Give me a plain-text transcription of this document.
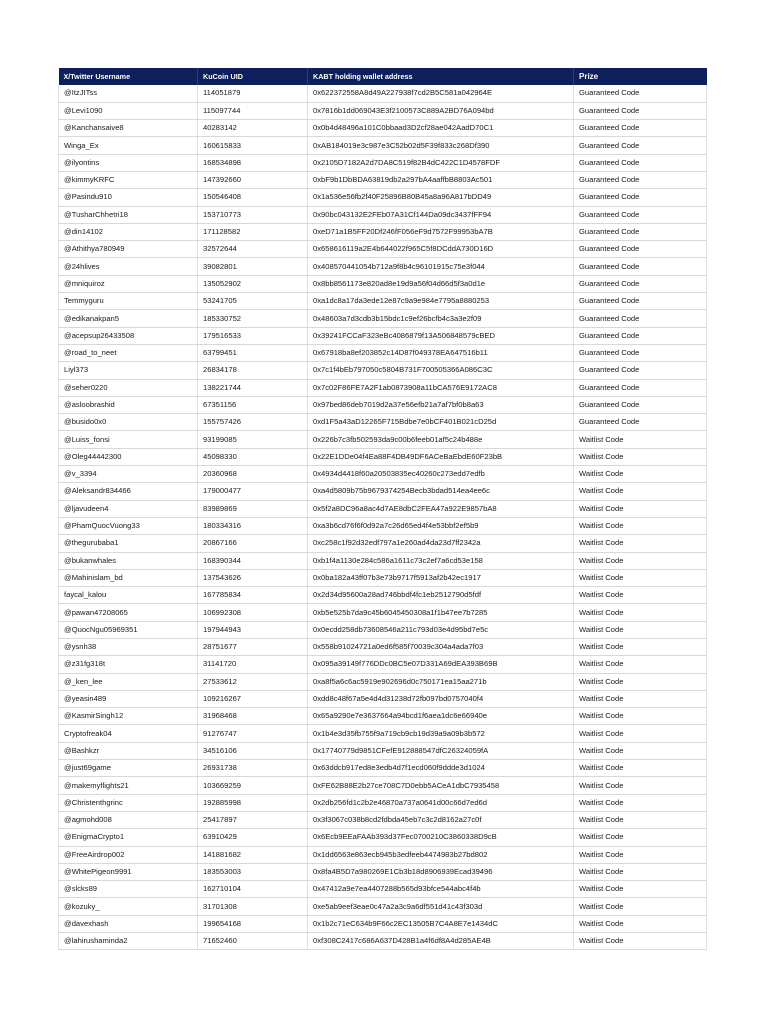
X/Twitter Username	KuCoin UID	KABT holding wallet address	Prize
@ItzJITss	114051879	0x622372558A8d49A227938f7cd2B5C581a042964E	Guaranteed Code
@Levi1090	115097744	0x7816b1dd069043E3f2100573C889A2BD76A094bd	Guaranteed Code
@Kanchansaive8	40283142	0x0b4d48496a101C0bbaad3D2cf28ae042AadD70C1	Guaranteed Code
Winga_Ex	160615833	0xAB184019e3c987e3C52b02d5F39f833c268Df390	Guaranteed Code
@ilyontins	168534898	0x2105D7182A2d7DA8C519f82B4dC422C1D4578FDF	Guaranteed Code
@kimmyKRFC	147392660	0xbF9b1DbBDA63819db2a297bA4aaffbB8803Ac501	Guaranteed Code
@Pasindu910	150546408	0x1a536e56fb2f40F25896B80B45a8a96A817bDD49	Guaranteed Code
@TusharChhetri18	153710773	0x90bc043132E2FEb07A31Cf144Da09dc3437fFF94	Guaranteed Code
@din14102	171128582	0xeD71a1B5FF20Df246fF056eF9d7572F99953bA7B	Guaranteed Code
@Athithya780949	32572644	0x658616119a2E4b644022f965C5f8DCddA730D16D	Guaranteed Code
@24hlives	39082801	0x408570441054b712a9f8b4c96101915c75e3f044	Guaranteed Code
@mniquiroz	135052902	0x8bb8561173e820ad8e19d9a56f04d66d5f3a0d1e	Guaranteed Code
Temmyguru	53241705	0xa1dc8a17da3ede12e87c9a9e984e7795a8880253	Guaranteed Code
@edikanakpan5	185330752	0x48603a7d3cdb3b15bdc1c9ef26bcfb4c3a3e2f09	Guaranteed Code
@acepsup26433508	179516533	0x39241FCCaF323eBc4086879f13A506848579cBED	Guaranteed Code
@road_to_neet	63799451	0x67918ba8ef203852c14D87f049378EA647516b11	Guaranteed Code
Liyl373	26834178	0x7c1f4bEb797050c5804B731F700505366A086C3C	Guaranteed Code
@seher0220	138221744	0x7c02F86FE7A2F1ab0873908a11bCA576E9172AC8	Guaranteed Code
@asloobrashid	67351156	0x97bed86deb7019d2a37e56efb21a7af7bf0b8a63	Guaranteed Code
@busido0x0	155757426	0xd1F5a43aD12265F715Bdbe7e0bCF401B021cD25d	Guaranteed Code
@Luiss_fonsi	93199085	0x226b7c3fb502593da9c00b6feeb01af5c24b488e	Waitlist Code
@Oleg44442300	45098330	0x22E1DDe04f4Ea88F4DB49DF6ACeBaEbdE60F23bB	Waitlist Code
@v_3394	20360968	0x4934d4418f60a20503835ec40260c273edd7edfb	Waitlist Code
@Aleksandr834466	179000477	0xa4d5809b75b9679374254Becb3bdad514ea4ee6c	Waitlist Code
@ljavudeen4	83989869	0x5f2a8DC96a8ac4d7AE8dbC2FEA47a922E9857bA8	Waitlist Code
@PhamQuocVuong33	180334316	0xa3b6cd76f6f0d92a7c26d65ed4f4e53bbf2ef5b9	Waitlist Code
@thegurubaba1	20867166	0xc258c1f92d32edf797a1e260ad4da23d7ff2342a	Waitlist Code
@bukanwhales	168390344	0xb1f4a1130e284c586a1611c73c2ef7a6cd53e158	Waitlist Code
@Mahinislam_bd	137543626	0x0ba182a43ff07b3e73b9717f5913af2b42ec1917	Waitlist Code
faycal_kalou	167785834	0x2d34d95600a28ad746bbdf4fc1eb2512790d5fdf	Waitlist Code
@pawan47208065	106992308	0xb5e525b7da9c45b6045450308a1f1b47ee7b7285	Waitlist Code
@QuocNgu05969351	197944943	0x0ecdd258db73608546a211c793d03e4d95bd7e5c	Waitlist Code
@ysnh38	28751677	0x558b91024721a0ed6f585f70039c304a4ada7f03	Waitlist Code
@z31fg318t	31141720	0x095a39149f776DDc0BC5e07D331A69dEA393B69B	Waitlist Code
@_ken_lee	27533612	0xa8f5a6c6ac5919e902696d0c750171ea15aa271b	Waitlist Code
@yeasin489	109216267	0xdd8c48f67a5e4d4d31238d72fb097bd0757040f4	Waitlist Code
@KasmirSingh12	31968468	0x65a9290e7e3637664a94bcd1f6aea1dc6e66940e	Waitlist Code
Cryptofreak04	91276747	0x1b4e3d35fb755f9a719cb9cb19d39a9a09b3b572	Waitlist Code
@Bashkzr	34516106	0x17740779d9851CFefE912888547dfC26324059fA	Waitlist Code
@just69game	26931738	0x63ddcb917ed8e3edb4d7f1ecd060f9ddde3d1024	Waitlist Code
@makemyflights21	103669259	0xFE62B88E2b27ce708C7D0ebb5ACeA1dbC7935458	Waitlist Code
@Christenthgrinc	192885998	0x2db256fd1c2b2e46870a737a0641d00c66d7ed6d	Waitlist Code
@agmohd008	25417897	0x3f3067c038b8cd2fdbda45eb7c3c2d8162a27c0f	Waitlist Code
@EnigmaCrypto1	63910429	0x6Ecb9EEaFAAb393d37Fec0700210C3860338D9cB	Waitlist Code
@FreeAirdrop002	141881682	0x1dd6563e863ecb945b3edfeeb4474983b27bd802	Waitlist Code
@WhitePigeon9991	183553003	0x8fa4B5D7a980269E1Cb3b18d8906939Ecad39496	Waitlist Code
@slcks89	162710104	0x47412a9e7ea4407288b565d93bfce544abc4f4b	Waitlist Code
@kozuky_	31701308	0xe5ab9eef3eae0c47a2a3c9a6df551d41c43f303d	Waitlist Code
@davexhash	199654168	0x1b2c71eC634b9F66c2EC13505B7C4A8E7e1434dC	Waitlist Code
@lahirushaminda2	71652460	0xf308C2417c686A637D428B1a4f6df8A4d285AE4B	Waitlist Code
